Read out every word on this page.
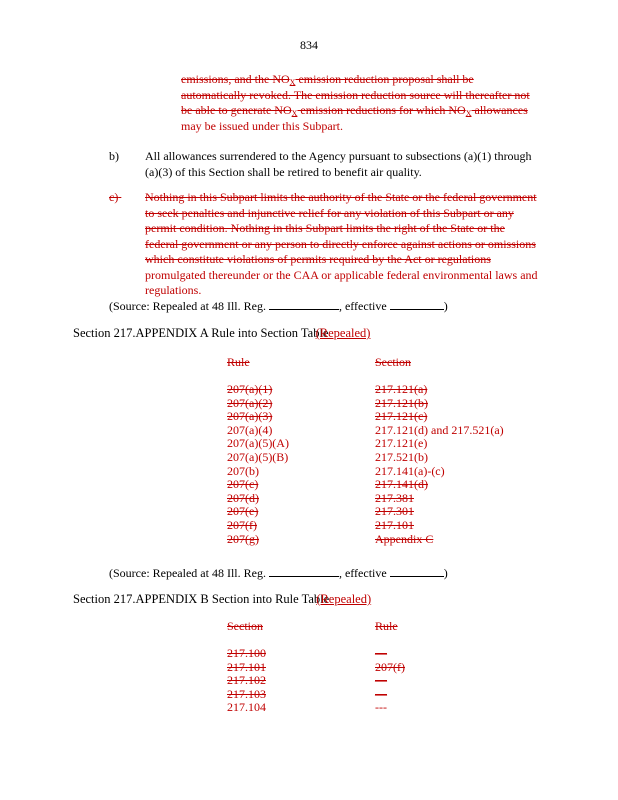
834
emissions, and the $NO_X$ emission reduction proposal shall be
automatically revoked. The emission reduction source will thereafter not
be able to generate $NO_X$ emission reductions for which $NO_X$ allowances
may be issued under this Subpart.
b) All allowances surrendered to the Agency pursuant to subsections (a)(1) through
(a)(3) of this Section shall be retired to benefit air quality.
c)	Nothing in this Subpart limits the authority of the State or the federal government
to seek penalties and injunctive relief for any violation of this Subpart or any
permit condition. Nothing in this Subpart limits the right of the State or the
federal government or any person to directly enforce against actions or omissions
which constitute violations of permits required by the Act or regulations
promulgated thereunder or the CAA or applicable federal environmental laws and
regulations.
(Source: Repealed at 48 Ill. Reg.	, effective	)
Section 217.APPENDIX A Rule into Section Table (Repealed)
Rule	Section
207(a)(1)	217.121(a)
207(a)(2)	217.121(b)
207(a)(3)	217.121(c)
207(a)(4)	217.121(d) and 217.521(a)
207(a)(5)(A)	217.121(e)
207(a)(5)(B)	217.521(b)
207(b)	217.141(a)-(c)
207(c)	217.141(d)
207(d)	217.381
207(e)	217.301
207(f)	217.101
207(g)	Appendix C
(Source: Repealed at 48 Ill. Reg.	, effective	)
Section 217.APPENDIX B Section into Rule Table (Repealed)
Section	Rule
217.100	—
217.101	207(f)
217.102	—
217.103	—
217.104	---
